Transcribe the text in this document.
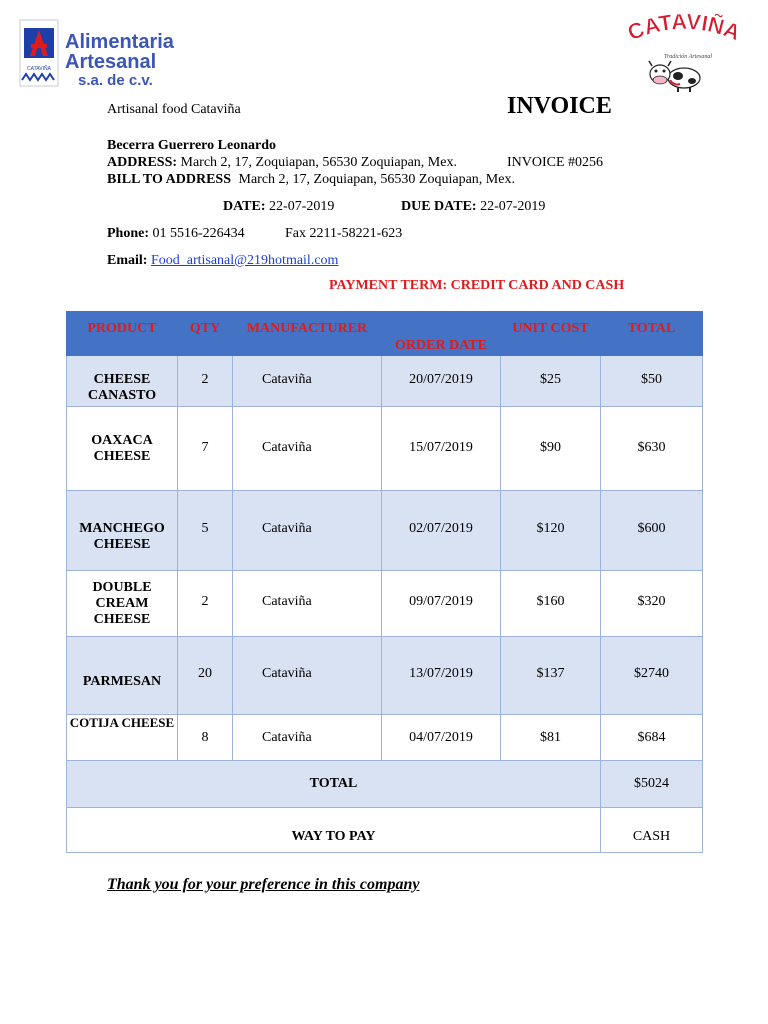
CATAVIÑA
Alimentaria
Artesanal
s.a. de c.v.
CATAVIÑA
Tradición Artesanal
Artisanal food Cataviña	INVOICE
Becerra Guerrero Leonardo
ADDRESS: March 2, 17, Zoquiapan, 56530 Zoquiapan, Mex.	INVOICE #0256
BILL TO ADDRESS March 2, 17, Zoquiapan, 56530 Zoquiapan, Mex.
DATE: 22-07-2019	DUE DATE: 22-07-2019
Phone: 01 5516-226434	Fax 2211-58221-623
Email: Food_artisanal@219hotmail.com
PAYMENT TERM: CREDIT CARD AND CASH
PRODUCT	QTY	MANUFACTURER	ORDER DATE	UNIT COST	TOTAL
CHEESE CANASTO	2	Cataviña	20/07/2019	$25	$50
OAXACA CHEESE	7	Cataviña	15/07/2019	$90	$630
MANCHEGO CHEESE	5	Cataviña	02/07/2019	$120	$600
DOUBLE CREAM CHEESE	2	Cataviña	09/07/2019	$160	$320
PARMESAN	20	Cataviña	13/07/2019	$137	$2740
COTIJA CHEESE	8	Cataviña	04/07/2019	$81	$684
TOTAL					$5024
WAY TO PAY					CASH
Thank you for your preference in this company
